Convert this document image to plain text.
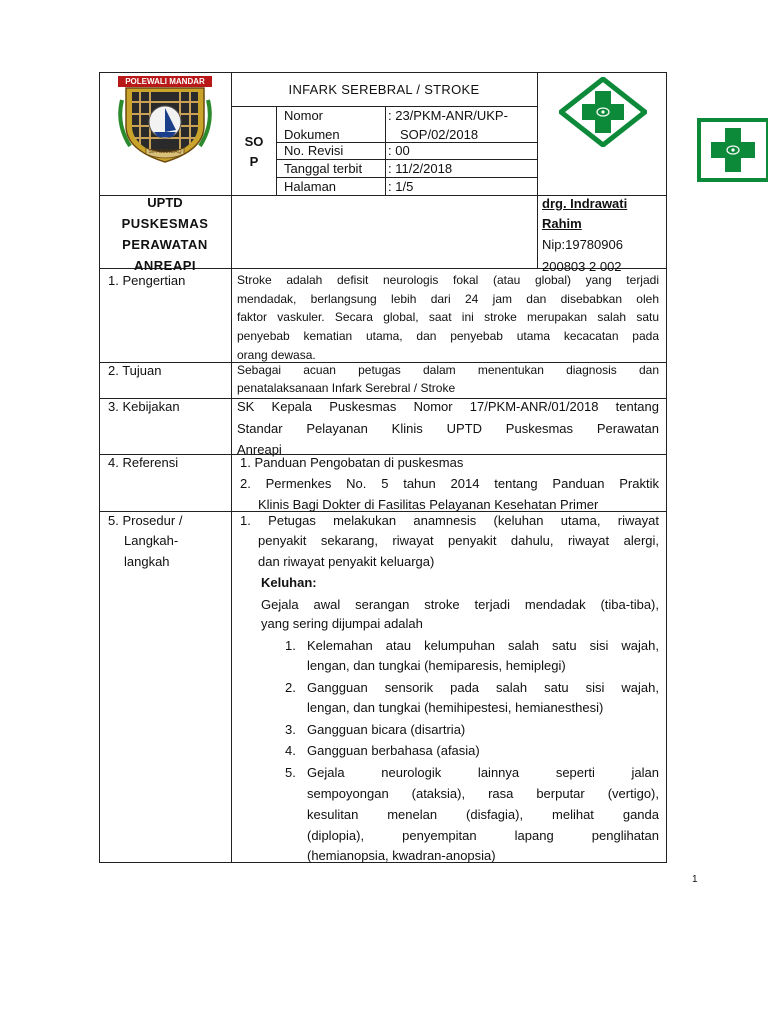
POLEWALI MANDAR
SIPAMANDAQ
INFARK SEREBRAL / STROKE
SO
P
Nomor	: 23/PKM-ANR/UKP-
Dokumen	SOP/02/2018
No. Revisi	: 00
Tanggal terbit : 11/2/2018
Halaman	: 1/5
UPTD
PUSKESMAS
PERAWATAN
ANREAPI
drg. Indrawati
Rahim
Nip:19780906
200803 2 002
1. Pengertian	Stroke adalah defisit neurologis fokal (atau global) yang terjadi
mendadak, berlangsung lebih dari 24 jam dan disebabkan oleh
faktor vaskuler. Secara global, saat ini stroke merupakan salah satu
penyebab kematian utama, dan penyebab utama kecacatan pada
orang dewasa.
2. Tujuan	Sebagai acuan petugas dalam menentukan diagnosis dan
penatalaksanaan Infark Serebral / Stroke
3. Kebijakan	SK Kepala Puskesmas Nomor 17/PKM-ANR/01/2018 tentang
Standar Pelayanan Klinis UPTD Puskesmas Perawatan
Anreapi
4. Referensi	1. Panduan Pengobatan di puskesmas
2. Permenkes No. 5 tahun 2014 tentang Panduan Praktik
Klinis Bagi Dokter di Fasilitas Pelayanan Kesehatan Primer
5. Prosedur /
Langkah-
langkah
1. Petugas melakukan anamnesis (keluhan utama, riwayat
penyakit sekarang, riwayat penyakit dahulu, riwayat alergi,
dan riwayat penyakit keluarga)
Keluhan:
Gejala awal serangan stroke terjadi mendadak (tiba-tiba),
yang sering dijumpai adalah
1. Kelemahan atau kelumpuhan salah satu sisi wajah,
lengan, dan tungkai (hemiparesis, hemiplegi)
2. Gangguan sensorik pada salah satu sisi wajah,
lengan, dan tungkai (hemihipestesi, hemianesthesi)
3. Gangguan bicara (disartria)
4. Gangguan berbahasa (afasia)
5. Gejala neurologik lainnya seperti jalan
sempoyongan (ataksia), rasa berputar (vertigo),
kesulitan menelan (disfagia), melihat ganda
(diplopia), penyempitan lapang penglihatan
(hemianopsia, kwadran-anopsia)
1
